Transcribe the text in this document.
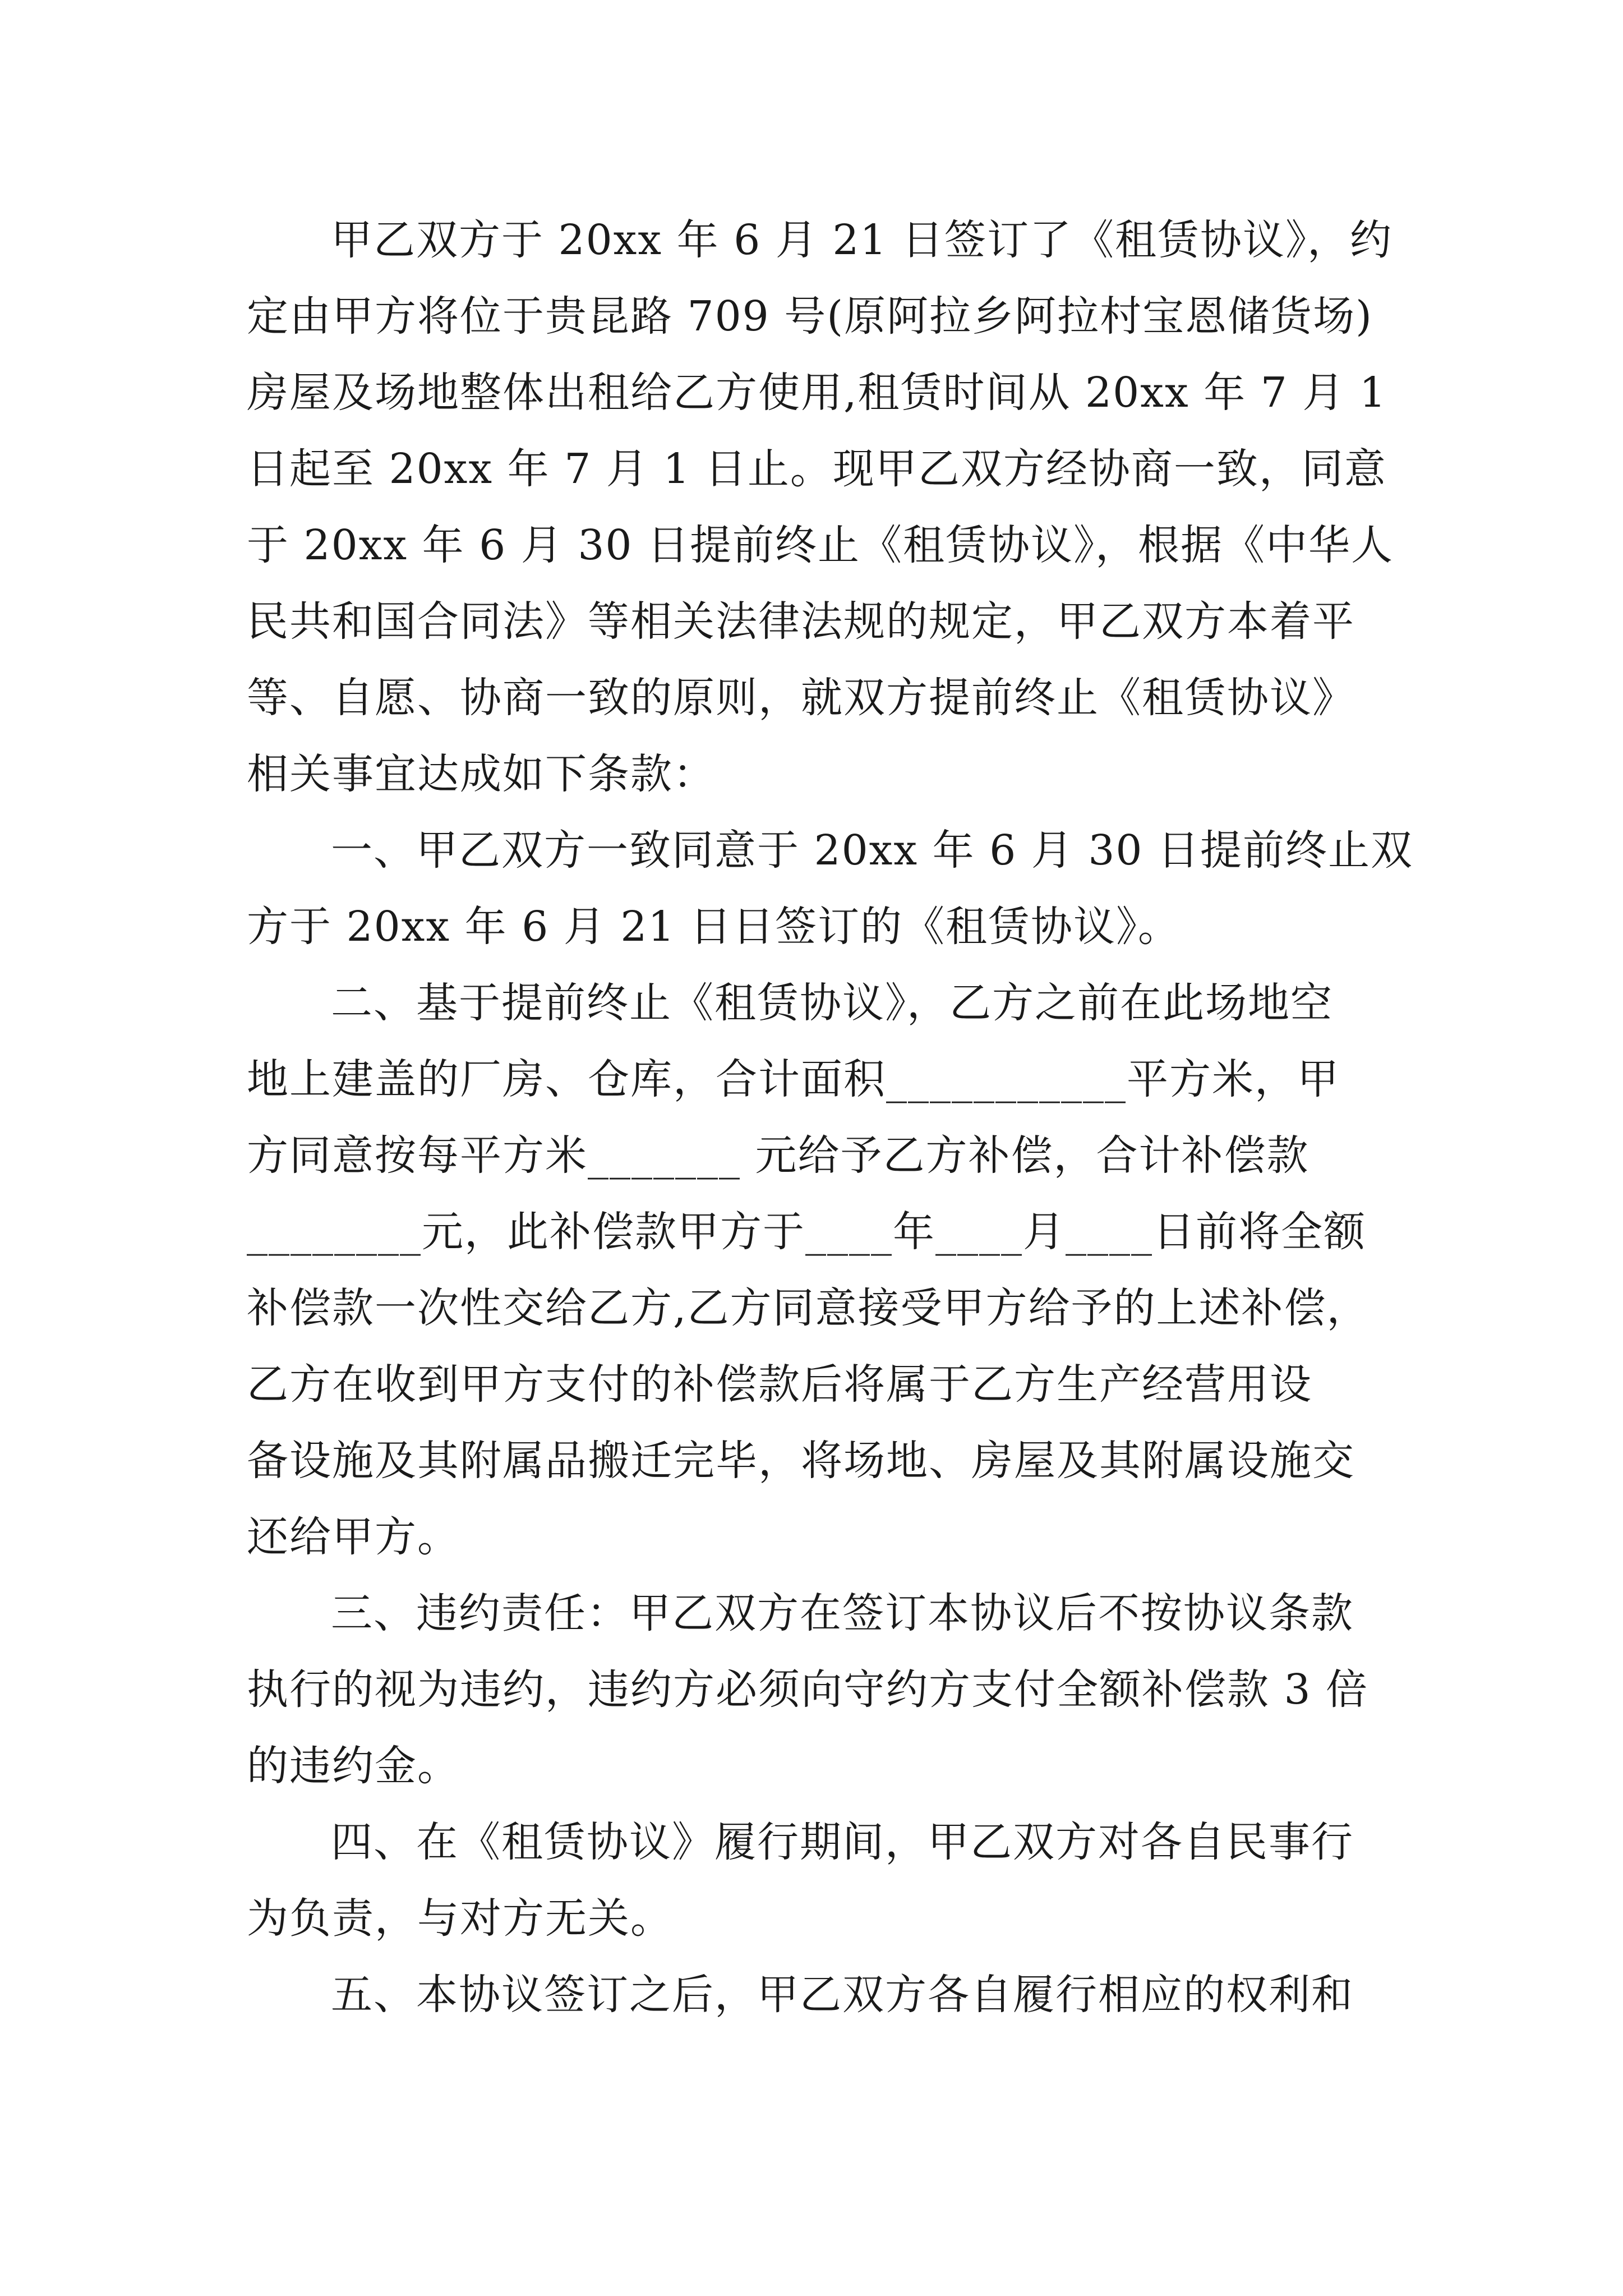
甲乙双方于 20xx 年 6 月 21 日签订了《租赁协议》，约
定由甲方将位于贵昆路 709 号(原阿拉乡阿拉村宝恩储货场)
房屋及场地整体出租给乙方使用,租赁时间从 20xx 年 7 月 1
日起至 20xx 年 7 月 1 日止。现甲乙双方经协商一致，同意
于 20xx 年 6 月 30 日提前终止《租赁协议》，根据《中华人
民共和国合同法》等相关法律法规的规定，甲乙双方本着平
等、自愿、协商一致的原则，就双方提前终止《租赁协议》
相关事宜达成如下条款：
一、甲乙双方一致同意于 20xx 年 6 月 30 日提前终止双
方于 20xx 年 6 月 21 日日签订的《租赁协议》。
二、基于提前终止《租赁协议》，乙方之前在此场地空
地上建盖的厂房、仓库，合计面积___________平方米，甲
方同意按每平方米_______ 元给予乙方补偿，合计补偿款
________元，此补偿款甲方于____年____月____日前将全额
补偿款一次性交给乙方,乙方同意接受甲方给予的上述补偿，
乙方在收到甲方支付的补偿款后将属于乙方生产经营用设
备设施及其附属品搬迁完毕，将场地、房屋及其附属设施交
还给甲方。
三、违约责任：甲乙双方在签订本协议后不按协议条款
执行的视为违约，违约方必须向守约方支付全额补偿款 3 倍
的违约金。
四、在《租赁协议》履行期间，甲乙双方对各自民事行
为负责，与对方无关。
五、本协议签订之后，甲乙双方各自履行相应的权利和
